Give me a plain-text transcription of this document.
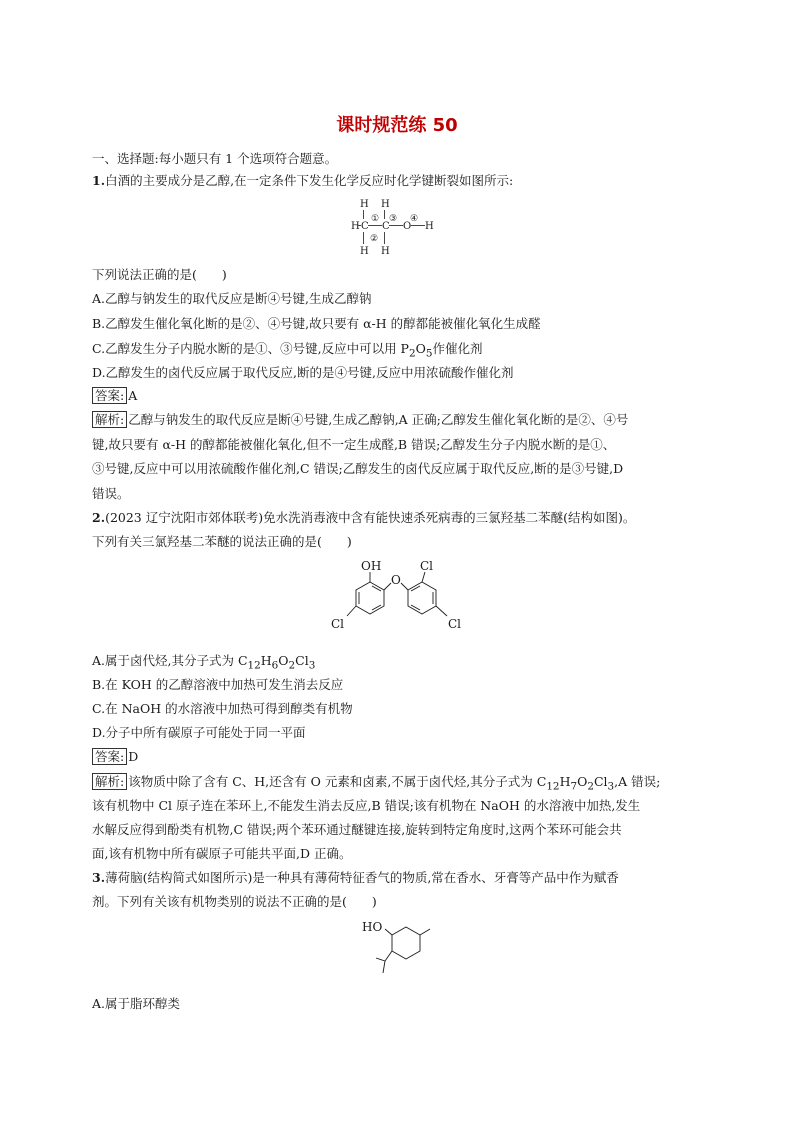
课时规范练 50
一、选择题:每小题只有 1 个选项符合题意。
1.白酒的主要成分是乙醇,在一定条件下发生化学反应时化学键断裂如图所示:
H H
H
①
C C
③
O
④
H
②
H H
下列说法正确的是(　　)
A.乙醇与钠发生的取代反应是断④号键,生成乙醇钠
B.乙醇发生催化氧化断的是②、④号键,故只要有 α-H 的醇都能被催化氧化生成醛
C.乙醇发生分子内脱水断的是①、③号键,反应中可以用 $P_2O_5$作催化剂
D.乙醇发生的卤代反应属于取代反应,断的是④号键,反应中用浓硫酸作催化剂
答案: A
解析: 乙醇与钠发生的取代反应是断④号键,生成乙醇钠,A 正确;乙醇发生催化氧化断的是②、④号
键,故只要有 α-H 的醇都能被催化氧化,但不一定生成醛,B 错误;乙醇发生分子内脱水断的是①、
③号键,反应中可以用浓硫酸作催化剂,C 错误;乙醇发生的卤代反应属于取代反应,断的是③号键,D
错误。
2.(2023 辽宁沈阳市郊体联考)免水洗消毒液中含有能快速杀死病毒的三氯羟基二苯醚(结构如图)。
下列有关三氯羟基二苯醚的说法正确的是(　　)
OH
O
Cl
Cl	Cl
A.属于卤代烃,其分子式为 $C_{12}H_6O_2Cl_3$
B.在 KOH 的乙醇溶液中加热可发生消去反应
C.在 NaOH 的水溶液中加热可得到醇类有机物
D.分子中所有碳原子可能处于同一平面
答案: D
解析: 该物质中除了含有 C、H,还含有 O 元素和卤素,不属于卤代烃,其分子式为 $C_{12}H_7O_2Cl_3,A$ 错误;
该有机物中 Cl 原子连在苯环上,不能发生消去反应,B 错误;该有机物在 NaOH 的水溶液中加热,发生
水解反应得到酚类有机物,C 错误;两个苯环通过醚键连接,旋转到特定角度时,这两个苯环可能会共
面,该有机物中所有碳原子可能共平面,D 正确。
3.薄荷脑(结构简式如图所示)是一种具有薄荷特征香气的物质,常在香水、牙膏等产品中作为赋香
剂。下列有关该有机物类别的说法不正确的是(　　)
HO
A.属于脂环醇类
